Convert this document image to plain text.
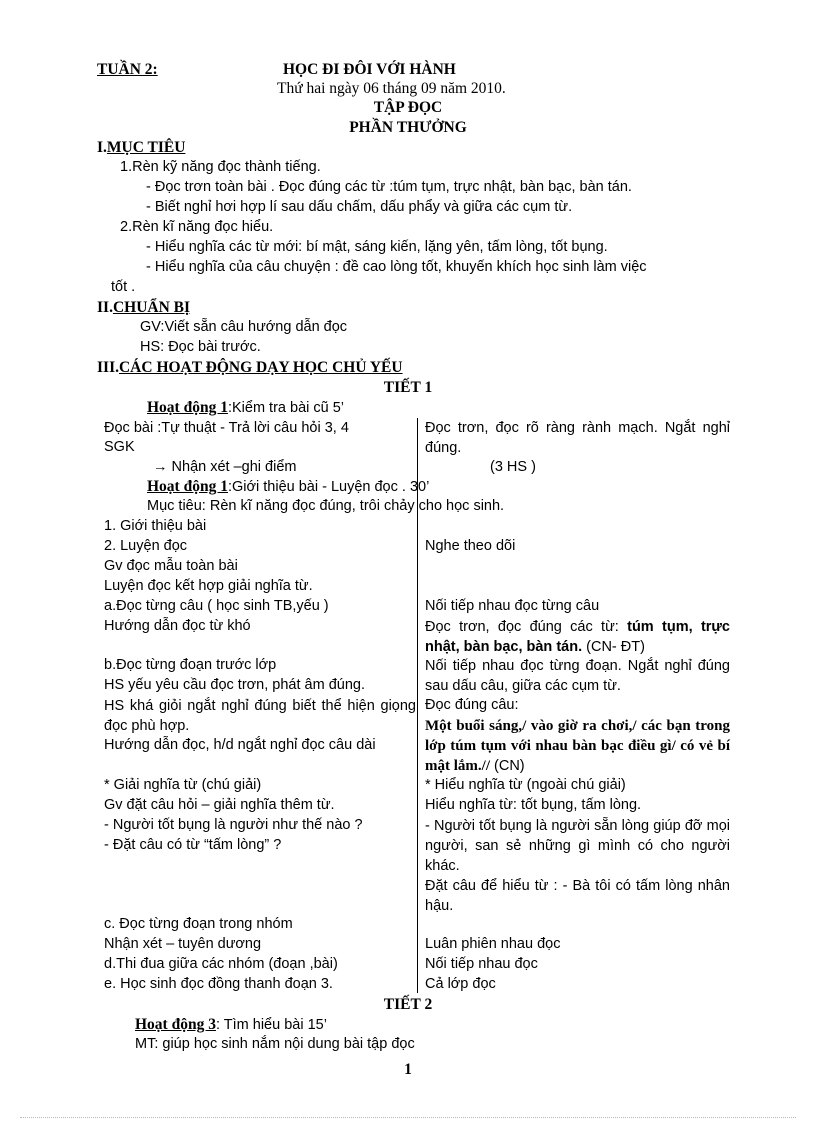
TUẦN 2:	HỌC ĐI ĐÔI VỚI HÀNH
Thứ hai ngày 06 tháng 09 năm 2010.
TẬP ĐỌC
PHẦN THƯỞNG
I.MỤC TIÊU
1.Rèn kỹ năng đọc thành tiếng.
- Đọc trơn toàn bài . Đọc đúng các từ :túm tụm, trực nhật, bàn bạc, bàn tán.
- Biết nghỉ hơi hợp lí sau dấu chấm, dấu phẩy và giữa các cụm từ.
2.Rèn kĩ năng đọc hiểu.
- Hiểu nghĩa các từ mới: bí mật, sáng kiến, lặng yên, tấm lòng, tốt bụng.
- Hiểu nghĩa của câu chuyện : đề cao lòng tốt, khuyến khích học sinh làm việc
tốt .
II.CHUẨN BỊ
GV:Viết sẵn câu hướng dẫn đọc
HS: Đọc bài trước.
III.CÁC HOẠT ĐỘNG DẠY HỌC CHỦ YẾU
TIẾT 1
Hoạt động 1:Kiểm tra bài cũ 5’
Đọc bài :Tự thuật - Trả lời câu hỏi 3, 4
SGK
→ Nhận xét –ghi điểm
Đọc trơn, đọc rõ ràng rành mạch. Ngắt nghỉ đúng.
(3 HS )
Hoạt động 1:Giới thiệu bài - Luyện đọc . 30’
Mục tiêu: Rèn kĩ năng đọc đúng, trôi chảy cho học sinh.
1. Giới thiệu bài
2. Luyện đọc
Gv đọc mẫu toàn bài
Luyện đọc kết hợp giải nghĩa từ.
a.Đọc từng câu ( học sinh TB,yếu )
Hướng dẫn đọc từ khó
b.Đọc từng đoạn trước lớp
HS yếu yêu cầu đọc trơn, phát âm đúng.
HS khá giỏi ngắt nghỉ đúng biết thể hiện giọng đọc phù hợp.
Hướng dẫn đọc, h/d ngắt nghỉ đọc câu dài
* Giải nghĩa từ (chú giải)
Gv đặt câu hỏi – giải nghĩa thêm từ.
- Người tốt bụng là người như thế nào ?
- Đặt câu có từ “tấm lòng” ?
c. Đọc từng đoạn trong nhóm
Nhận xét – tuyên dương
d.Thi đua giữa các nhóm (đoạn ,bài)
e. Học sinh đọc đồng thanh đoạn 3.
Nghe theo dõi
Nối tiếp nhau đọc từng câu
Đọc trơn, đọc đúng các từ: túm tụm, trực nhật, bàn bạc, bàn tán. (CN- ĐT)
Nối tiếp nhau đọc từng đoạn. Ngắt nghỉ đúng sau dấu câu, giữa các cụm từ.
Đọc đúng câu:
Một buổi sáng,/ vào giờ ra chơi,/ các bạn trong lớp túm tụm với nhau bàn bạc điều gì/ có vẻ bí mật lắm.// (CN)
* Hiểu nghĩa từ (ngoài chú giải)
Hiểu nghĩa từ: tốt bụng, tấm lòng.
- Người tốt bụng là người sẵn lòng giúp đỡ mọi người, san sẻ những gì mình có cho người khác.
Đặt câu để hiểu từ : - Bà tôi có tấm lòng nhân hậu.
Luân phiên nhau đọc
Nối tiếp nhau đọc
Cả lớp đọc
TIẾT 2
Hoạt động 3: Tìm hiểu bài 15’
MT: giúp học sinh nắm nội dung bài tập đọc
1
